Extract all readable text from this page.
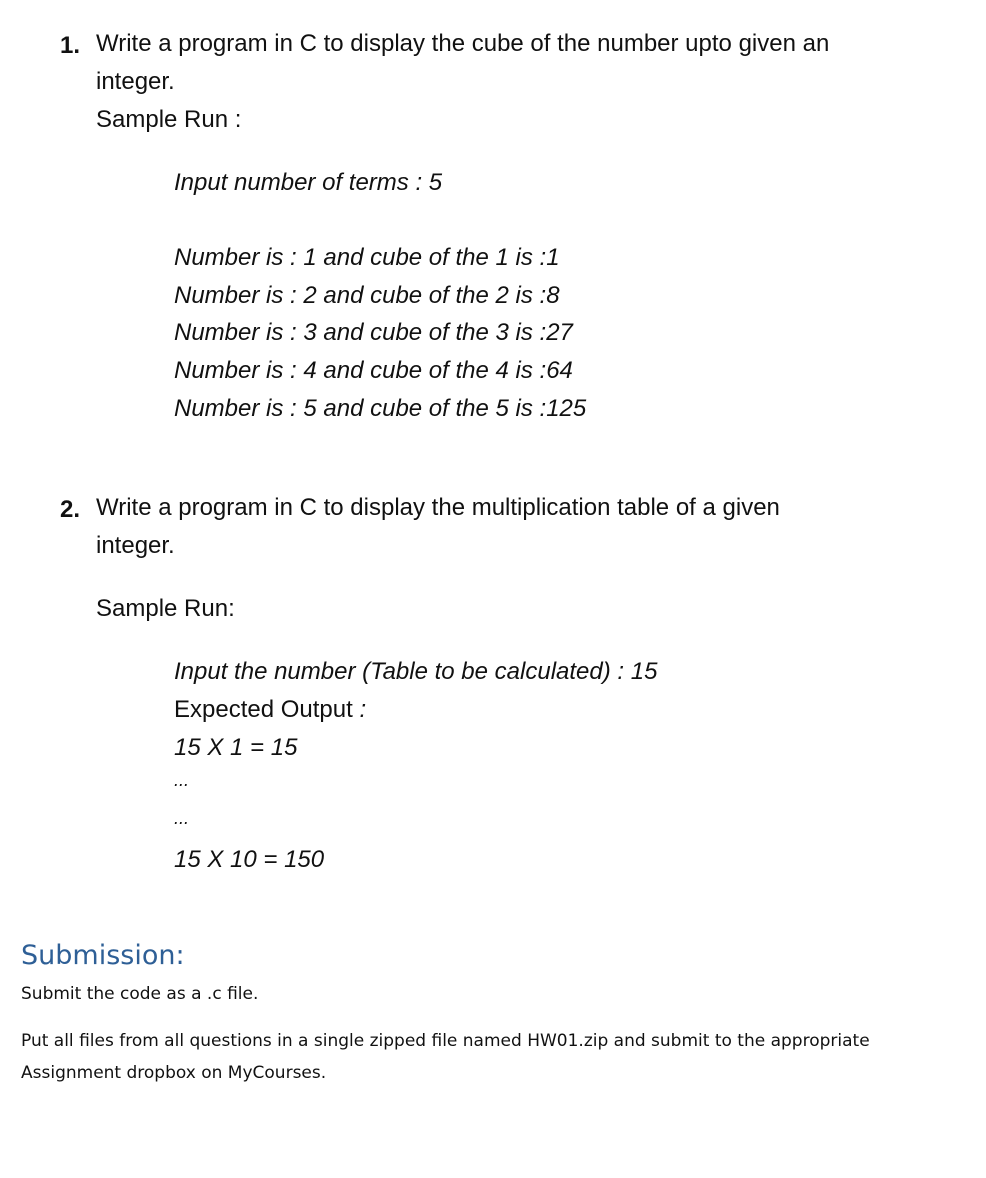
1. Write a program in C to display the cube of the number upto given an
integer.
Sample Run :
Input number of terms : 5
Number is : 1 and cube of the 1 is :1
Number is : 2 and cube of the 2 is :8
Number is : 3 and cube of the 3 is :27
Number is : 4 and cube of the 4 is :64
Number is : 5 and cube of the 5 is :125
2. Write a program in C to display the multiplication table of a given
integer.
Sample Run:
Input the number (Table to be calculated) : 15
Expected Output :
15 X 1 = 15
...
...
15 X 10 = 150
Submission:
Submit the code as a .c file.
Put all files from all questions in a single zipped file named HW01.zip and submit to the appropriate
Assignment dropbox on MyCourses.
